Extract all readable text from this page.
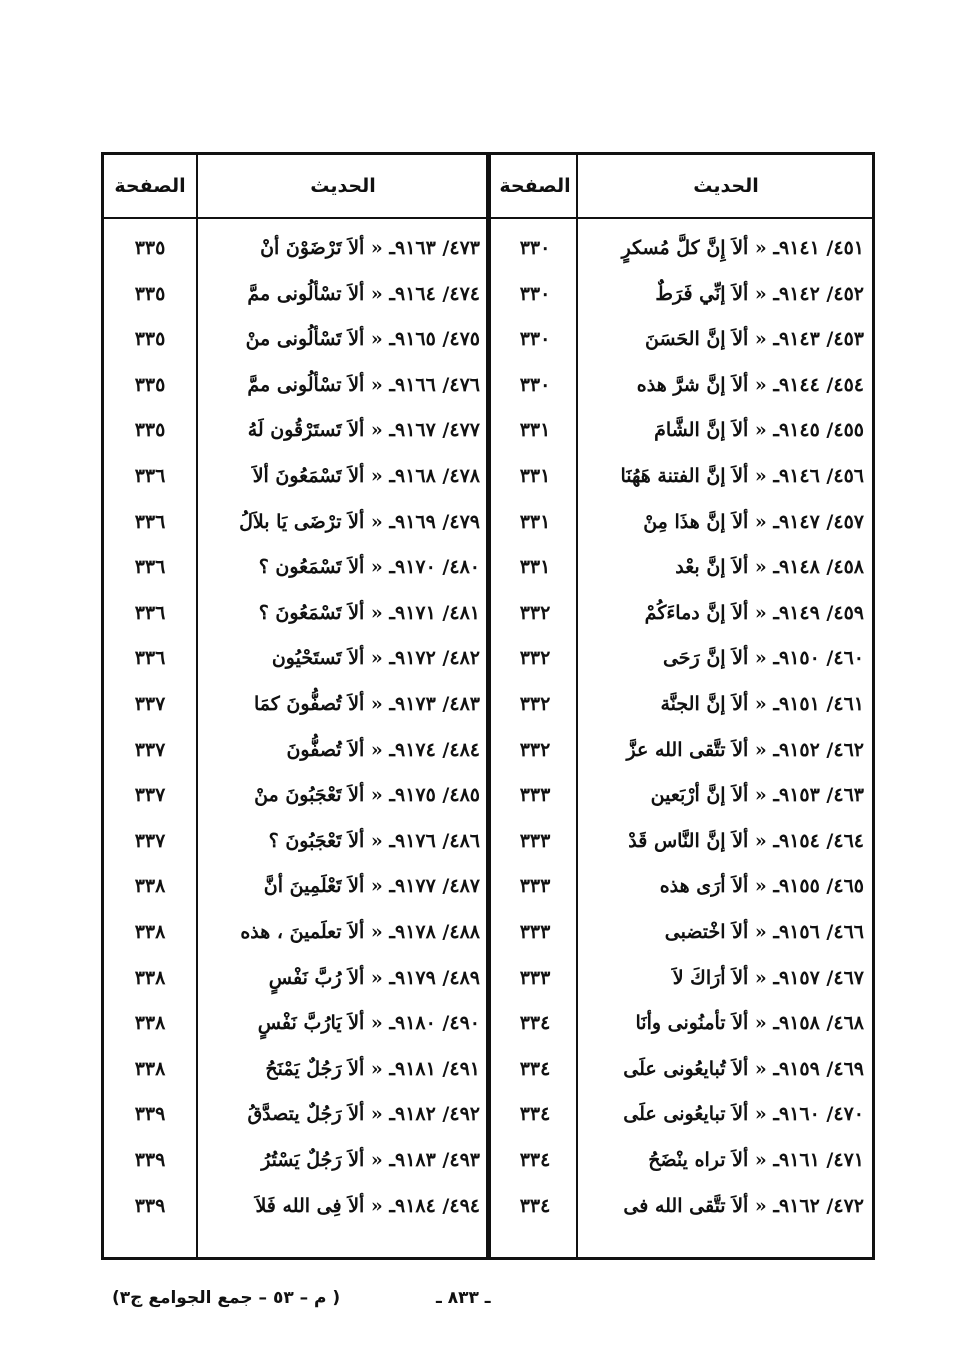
الحديث
الصفحة
الحديث
الصفحة
٤٥١/ ٩١٤١ـ « ألاَ إِنَّ كلَّ مُسكرٍ
٣٣٠
٤٧٣/ ٩١٦٣ـ « ألاَ تَرْضَوْنَ أنْ
٣٣٥
٤٥٢/ ٩١٤٢ـ « ألاَ إنِّي فَرَطٌ
٣٣٠
٤٧٤/ ٩١٦٤ـ « ألاَ تسْألُونى ممَّ
٣٣٥
٤٥٣/ ٩١٤٣ـ « ألاَ إنَّ الحَسَنَ
٣٣٠
٤٧٥/ ٩١٦٥ـ « ألاَ تَسْألُونى منْ
٣٣٥
٤٥٤/ ٩١٤٤ـ « ألاَ إنَّ شرَّ هذه
٣٣٠
٤٧٦/ ٩١٦٦ـ « ألاَ تسْألُونى ممَّ
٣٣٥
٤٥٥/ ٩١٤٥ـ « ألاَ إنَّ الشَّامَ
٣٣١
٤٧٧/ ٩١٦٧ـ « ألاَ تَستَرْقُون لَهُ
٣٣٥
٤٥٦/ ٩١٤٦ـ « ألاَ إنَّ الفتنة هَهُنَا
٣٣١
٤٧٨/ ٩١٦٨ـ « ألاَ تَسْمَعُونَ ألاَ
٣٣٦
٤٥٧/ ٩١٤٧ـ « ألاَ إنَّ هذَا مِنْ
٣٣١
٤٧٩/ ٩١٦٩ـ « ألاَ ترْضَى يَا بلاَلُ
٣٣٦
٤٥٨/ ٩١٤٨ـ « ألاَ إنَّ بعْد
٣٣١
٤٨٠/ ٩١٧٠ـ « ألاَ تَسْمَعُون ؟
٣٣٦
٤٥٩/ ٩١٤٩ـ « ألاَ إنَّ دماءَكُمْ
٣٣٢
٤٨١/ ٩١٧١ـ « ألاَ تَسْمَعُونَ ؟
٣٣٦
٤٦٠/ ٩١٥٠ـ « ألاَ إنَّ رَحَى
٣٣٢
٤٨٢/ ٩١٧٢ـ « ألاَ تَستَحْيُون
٣٣٦
٤٦١/ ٩١٥١ـ « ألاَ إنَّ الجنَّة
٣٣٢
٤٨٣/ ٩١٧٣ـ « ألاَ تُصفُّونَ كمَا
٣٣٧
٤٦٢/ ٩١٥٢ـ « ألاَ تتَّقى الله عزَّ
٣٣٢
٤٨٤/ ٩١٧٤ـ « ألاَ تُصفُّونَ
٣٣٧
٤٦٣/ ٩١٥٣ـ « ألاَ إنَّ أرْبَعين
٣٣٣
٤٨٥/ ٩١٧٥ـ « ألاَ تَعْجَبُونَ منْ
٣٣٧
٤٦٤/ ٩١٥٤ـ « ألاَ إنَّ النَّاس قَدْ
٣٣٣
٤٨٦/ ٩١٧٦ـ « ألاَ تَعْجَبُونَ ؟
٣٣٧
٤٦٥/ ٩١٥٥ـ « ألاَ أرَى هذه
٣٣٣
٤٨٧/ ٩١٧٧ـ « ألاَ تَعْلَمِينَ أنَّ
٣٣٨
٤٦٦/ ٩١٥٦ـ « ألاَ اخْتضبى
٣٣٣
٤٨٨/ ٩١٧٨ـ « ألاَ تعلَمينَ ، هذه
٣٣٨
٤٦٧/ ٩١٥٧ـ « ألاَ أرَاكَ لاَ
٣٣٣
٤٨٩/ ٩١٧٩ـ « ألاَ رُبَّ نَفْسٍ
٣٣٨
٤٦٨/ ٩١٥٨ـ « ألاَ تأمنُونى وأنَا
٣٣٤
٤٩٠/ ٩١٨٠ـ « ألاَ يَارُبَّ نَفْسٍ
٣٣٨
٤٦٩/ ٩١٥٩ـ « ألاَ تُبايعُونى علَى
٣٣٤
٤٩١/ ٩١٨١ـ « ألاَ رَجُلٌ يَمْنَحُ
٣٣٨
٤٧٠/ ٩١٦٠ـ « ألاَ تبايعُونى علَى
٣٣٤
٤٩٢/ ٩١٨٢ـ « ألاَ رَجُلٌ يتصدَّقُ
٣٣٩
٤٧١/ ٩١٦١ـ « ألاَ تراه ينْضَحُ
٣٣٤
٤٩٣/ ٩١٨٣ـ « ألاَ رَجُلٌ يَسْتُرُ
٣٣٩
٤٧٢/ ٩١٦٢ـ « ألاَ تتَّقى الله فى
٣٣٤
٤٩٤/ ٩١٨٤ـ « ألاَ فِى الله فَلاَ
٣٣٩
( م – ٥٣ – جمع الجوامع ج٣)	ـ ٨٣٣ ـ
